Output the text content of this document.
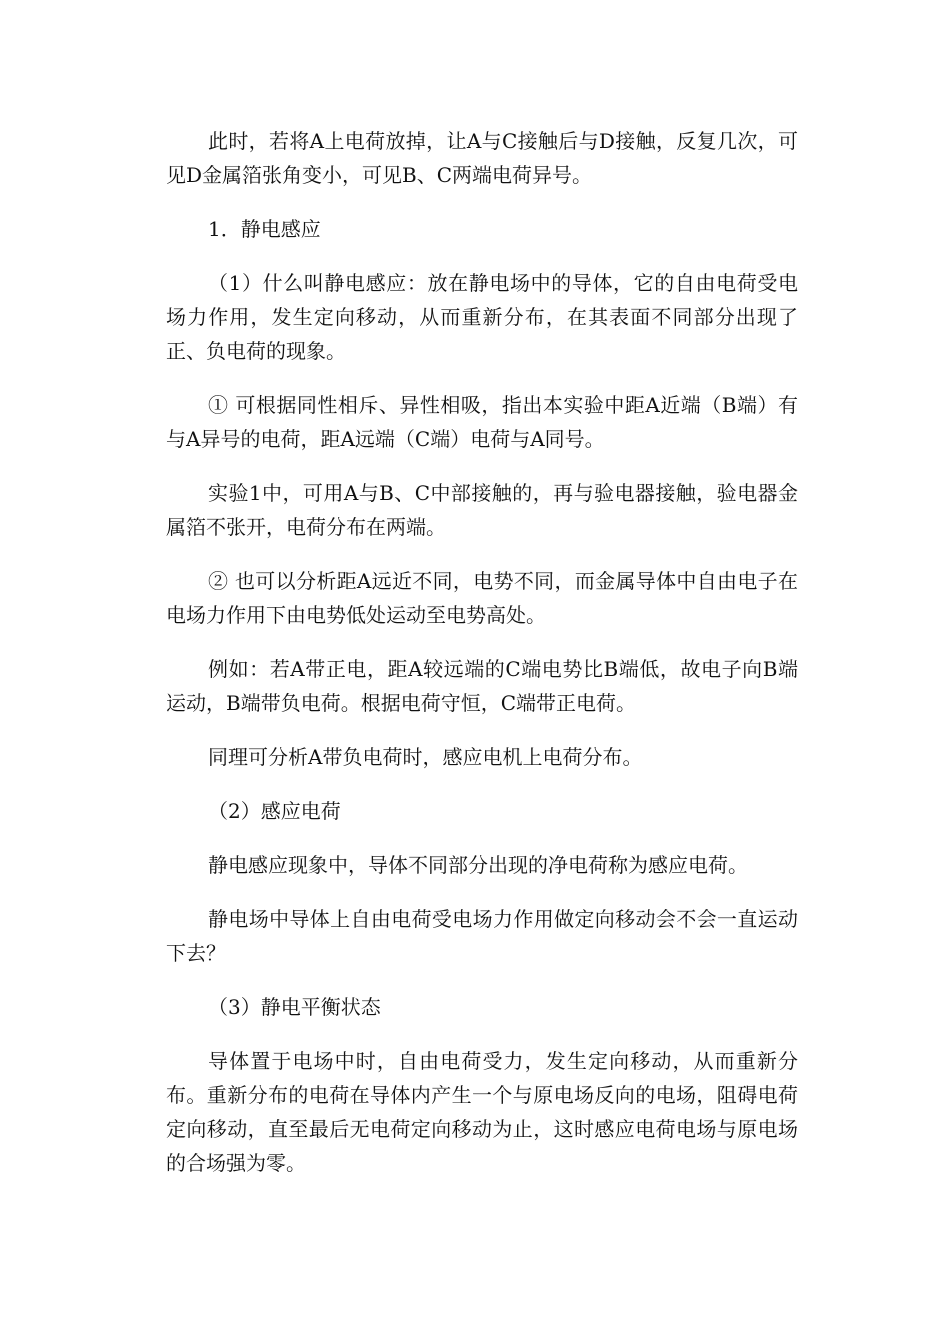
此时，若将A上电荷放掉，让A与C接触后与D接触，反复几次，可见D金属箔张角变小，可见B、C两端电荷异号。

1．静电感应

（1）什么叫静电感应：放在静电场中的导体，它的自由电荷受电场力作用，发生定向移动，从而重新分布，在其表面不同部分出现了正、负电荷的现象。

① 可根据同性相斥、异性相吸，指出本实验中距A近端（B端）有与A异号的电荷，距A远端（C端）电荷与A同号。

实验1中，可用A与B、C中部接触的，再与验电器接触，验电器金属箔不张开，电荷分布在两端。

② 也可以分析距A远近不同，电势不同，而金属导体中自由电子在电场力作用下由电势低处运动至电势高处。

例如：若A带正电，距A较远端的C端电势比B端低，故电子向B端运动，B端带负电荷。根据电荷守恒，C端带正电荷。

同理可分析A带负电荷时，感应电机上电荷分布。

（2）感应电荷

静电感应现象中，导体不同部分出现的净电荷称为感应电荷。

静电场中导体上自由电荷受电场力作用做定向移动会不会一直运动下去？

（3）静电平衡状态

导体置于电场中时，自由电荷受力，发生定向移动，从而重新分布。重新分布的电荷在导体内产生一个与原电场反向的电场，阻碍电荷定向移动，直至最后无电荷定向移动为止，这时感应电荷电场与原电场的合场强为零。
